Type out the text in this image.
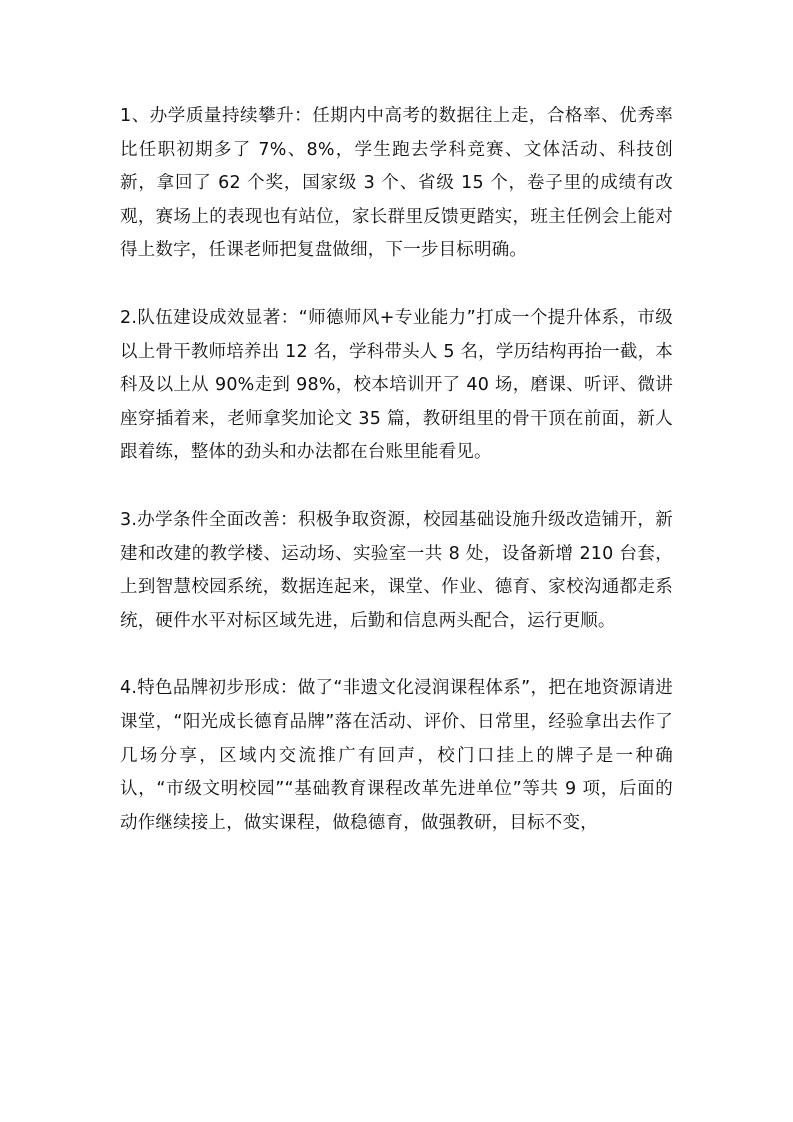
1、办学质量持续攀升：任期内中高考的数据往上走，合格率、优秀率比任职初期多了 7%、8%，学生跑去学科竞赛、文体活动、科技创新，拿回了 62 个奖，国家级 3 个、省级 15 个，卷子里的成绩有改观，赛场上的表现也有站位，家长群里反馈更踏实，班主任例会上能对得上数字，任课老师把复盘做细，下一步目标明确。

2.队伍建设成效显著：“师德师风+专业能力”打成一个提升体系，市级以上骨干教师培养出 12 名，学科带头人 5 名，学历结构再抬一截，本科及以上从 90%走到 98%，校本培训开了 40 场，磨课、听评、微讲座穿插着来，老师拿奖加论文 35 篇，教研组里的骨干顶在前面，新人跟着练，整体的劲头和办法都在台账里能看见。

3.办学条件全面改善：积极争取资源，校园基础设施升级改造铺开，新建和改建的教学楼、运动场、实验室一共 8 处，设备新增 210 台套，上到智慧校园系统，数据连起来，课堂、作业、德育、家校沟通都走系统，硬件水平对标区域先进，后勤和信息两头配合，运行更顺。

4.特色品牌初步形成：做了“非遗文化浸润课程体系”，把在地资源请进课堂，“阳光成长德育品牌”落在活动、评价、日常里，经验拿出去作了几场分享，区域内交流推广有回声，校门口挂上的牌子是一种确认，“市级文明校园”“基础教育课程改革先进单位”等共 9 项，后面的动作继续接上，做实课程，做稳德育，做强教研，目标不变，
